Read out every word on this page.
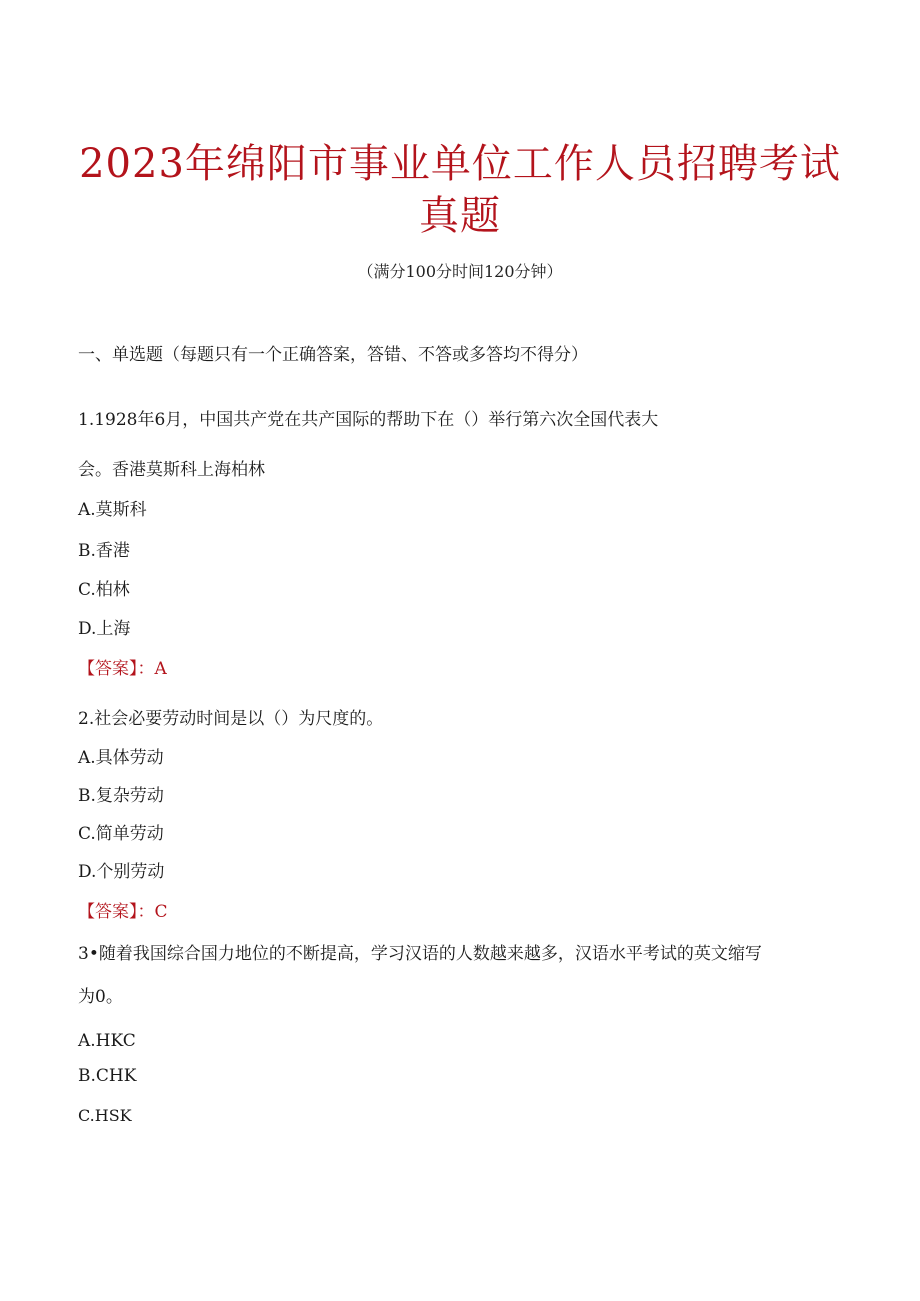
2023年绵阳市事业单位工作人员招聘考试
真题
（满分100分时间120分钟）
一、单选题（每题只有一个正确答案，答错、不答或多答均不得分）
1.1928年6月，中国共产党在共产国际的帮助下在（）举行第六次全国代表大
会。香港莫斯科上海柏林
A.莫斯科
B.香港
C.柏林
D.上海
【答案】：A
2.社会必要劳动时间是以（）为尺度的。
A.具体劳动
B.复杂劳动
C.简单劳动
D.个别劳动
【答案】：C
3•随着我国综合国力地位的不断提高，学习汉语的人数越来越多，汉语水平考试的英文缩写
为0。
A.HKC
B.CHK
C.HSK
